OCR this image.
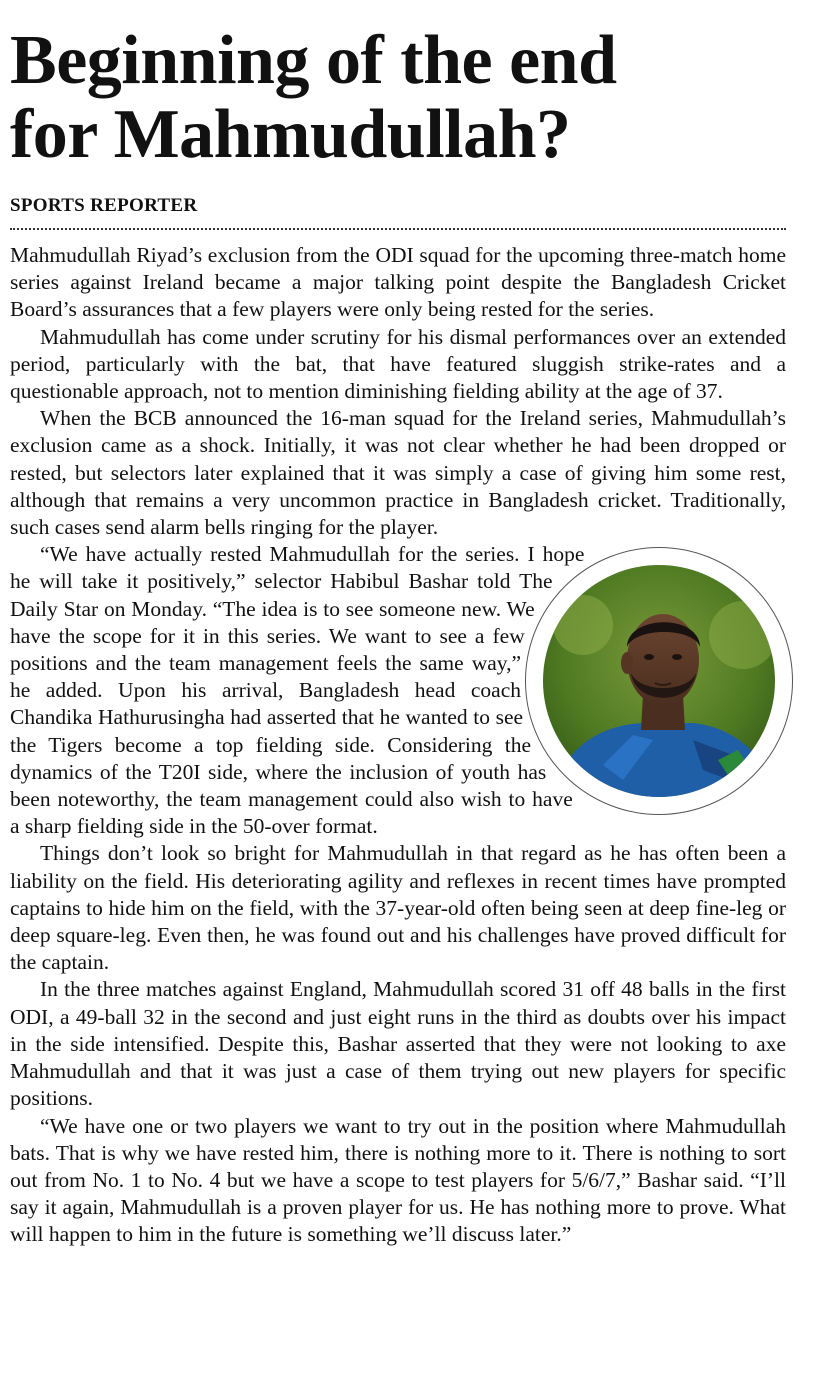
Beginning of the end
for Mahmudullah?
SPORTS REPORTER

Mahmudullah Riyad’s exclusion from the ODI squad for the upcoming three-match home series against Ireland became a major talking point despite the Bangladesh Cricket Board’s assurances that a few players were only being rested for the series.

Mahmudullah has come under scrutiny for his dismal performances over an extended period, particularly with the bat, that have featured sluggish strike-rates and a questionable approach, not to mention diminishing fielding ability at the age of 37.

When the BCB announced the 16-man squad for the Ireland series, Mahmudullah’s exclusion came as a shock. Initially, it was not clear whether he had been dropped or rested, but selectors later explained that it was simply a case of giving him some rest, although that remains a very uncommon practice in Bangladesh cricket. Traditionally, such cases send alarm bells ringing for the player.

“We have actually rested Mahmudullah for the series. I hope he will take it positively,” selector Habibul Bashar told The Daily Star on Monday. “The idea is to see someone new. We have the scope for it in this series. We want to see a few positions and the team management feels the same way,” he added. Upon his arrival, Bangladesh head coach Chandika Hathurusingha had asserted that he wanted to see the Tigers become a top fielding side. Considering the dynamics of the T20I side, where the inclusion of youth has been noteworthy, the team management could also wish to have a sharp fielding side in the 50-over format.

Things don’t look so bright for Mahmudullah in that regard as he has often been a liability on the field. His deteriorating agility and reflexes in recent times have prompted captains to hide him on the field, with the 37-year-old often being seen at deep fine-leg or deep square-leg. Even then, he was found out and his challenges have proved difficult for the captain.

In the three matches against England, Mahmudullah scored 31 off 48 balls in the first ODI, a 49-ball 32 in the second and just eight runs in the third as doubts over his impact in the side intensified. Despite this, Bashar asserted that they were not looking to axe Mahmudullah and that it was just a case of them trying out new players for specific positions.

“We have one or two players we want to try out in the position where Mahmudullah bats. That is why we have rested him, there is nothing more to it. There is nothing to sort out from No. 1 to No. 4 but we have a scope to test players for 5/6/7,” Bashar said. “I’ll say it again, Mahmudullah is a proven player for us. He has nothing more to prove. What will happen to him in the future is something we’ll discuss later.”
